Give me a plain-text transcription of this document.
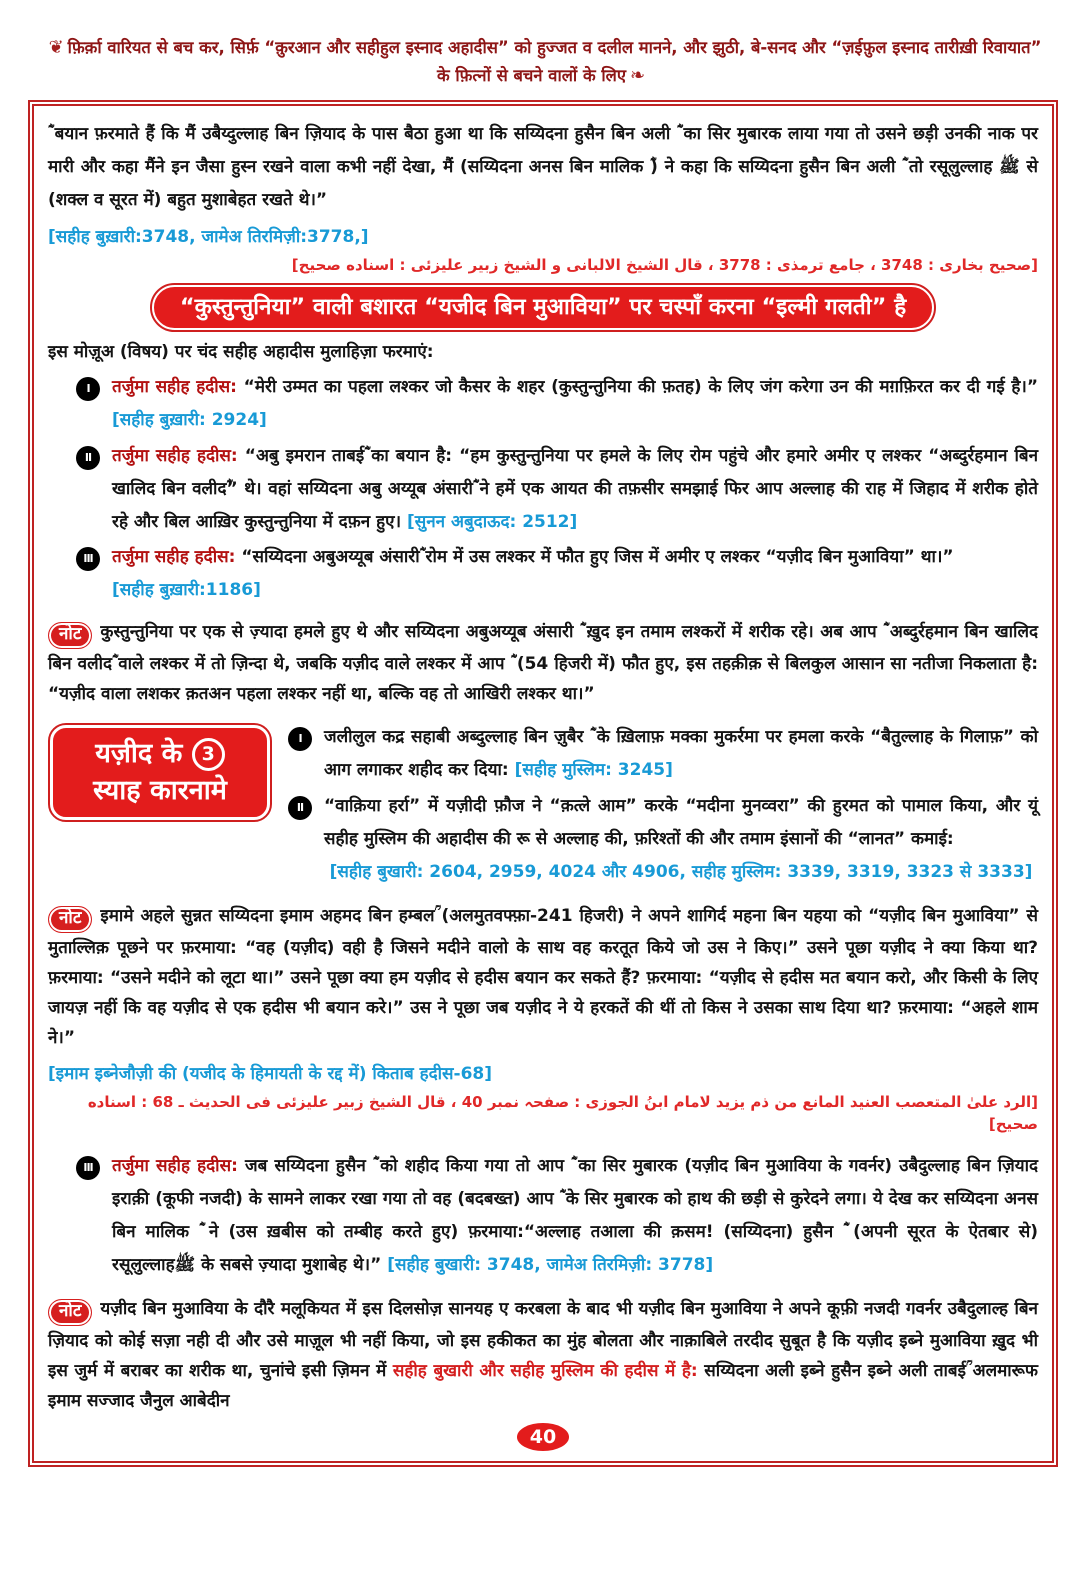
❦ फ़िर्क़ा वारियत से बच कर, सिर्फ़ “क़ुरआन और सहीहुल इस्नाद अहादीस” को हुज्जत व दलील मानने, और झुठी, बे-सनद और “ज़ईफ़ुल इस्नाद तारीख़ी रिवायात” के फ़ित्नों से बचने वालों के लिए ❧

ؓ बयान फ़रमाते हैं कि मैं उबैय्दुल्लाह बिन ज़ियाद के पास बैठा हुआ था कि सय्यिदना हुसैन बिन अली ؓ का सिर मुबारक लाया गया तो उसने छड़ी उनकी नाक पर मारी और कहा मैंने इन जैसा हुस्न रखने वाला कभी नहीं देखा, मैं (सय्यिदना अनस बिन मालिक ؓ) ने कहा कि सय्यिदना हुसैन बिन अली ؓ तो रसूलुल्लाह ﷺ से (शक्ल व सूरत में) बहुत मुशाबेहत रखते थे।”

[सहीह बुख़ारी:3748, जामेअ तिरमिज़ी:3778,]

[صحيح بخارى : 3748 ، جامع ترمذى : 3778 ، قال الشيخ الالبانى و الشيخ زبير عليزئى : اسناده صحيح]

“कुस्तुन्तुनिया” वाली बशारत “यजीद बिन मुआविया” पर चस्पाँ करना “इल्मी गलती” है

इस मोज़ूअ (विषय) पर चंद सहीह अहादीस मुलाहिज़ा फरमाएं:

I	तर्जुमा सहीह हदीस: “मेरी उम्मत का पहला लश्कर जो कैसर के शहर (कुस्तुन्तुनिया की फ़तह) के लिए जंग करेगा उन की मग़फ़िरत कर दी गई है।” [सहीह बुख़ारी: 2924]
II	तर्जुमा सहीह हदीस: “अबु इमरान ताबईؓ का बयान है: “हम कुस्तुन्तुनिया पर हमले के लिए रोम पहुंचे और हमारे अमीर ए लश्कर “अब्दुर्रहमान बिन खालिद बिन वलीदؓ” थे। वहां सय्यिदना अबु अय्यूब अंसारीؓ ने हमें एक आयत की तफ़सीर समझाई फिर आप अल्लाह की राह में जिहाद में शरीक होते रहे और बिल आख़िर कुस्तुन्तुनिया में दफ़न हुए। [सुनन अबुदाऊद: 2512]
III	तर्जुमा सहीह हदीस: “सय्यिदना अबुअय्यूब अंसारीؓ रोम में उस लश्कर में फौत हुए जिस में अमीर ए लश्कर “यज़ीद बिन मुआविया” था।”
[सहीह बुख़ारी:1186]

नोट कुस्तुन्तुनिया पर एक से ज़्यादा हमले हुए थे और सय्यिदना अबुअय्यूब अंसारी ؓ ख़ुद इन तमाम लश्करों में शरीक रहे। अब आप ؓ अब्दुर्रहमान बिन खालिद बिन वलीदؓ वाले लश्कर में तो ज़िन्दा थे, जबकि यज़ीद वाले लश्कर में आप ؓ (54 हिजरी में) फौत हुए, इस तहक़ीक़ से बिलकुल आसान सा नतीजा निकलाता है: “यज़ीद वाला लशकर क़तअन पहला लश्कर नहीं था, बल्कि वह तो आखिरी लश्कर था।”

यज़ीद के 3
स्याह कारनामे
I	जलीलुल कद्र सहाबी अब्दुल्लाह बिन ज़ुबैर ؓ के ख़िलाफ़ मक्का मुकर्रमा पर हमला करके “बैतुल्लाह के गिलाफ़” को आग लगाकर शहीद कर दिया: [सहीह मुस्लिम: 3245]
II	“वाक़िया हर्रा” में यज़ीदी फ़ौज ने “क़त्ले आम” करके “मदीना मुनव्वरा” की हुरमत को पामाल किया, और यूं सहीह मुस्लिम की अहादीस की रू से अल्लाह की, फ़रिश्तों की और तमाम इंसानों की “लानत” कमाई:
[सहीह बुखारी: 2604, 2959, 4024 और 4906, सहीह मुस्लिम: 3339, 3319, 3323 से 3333]

नोट इमामे अहले सुन्नत सय्यिदना इमाम अहमद बिन हम्बलؒ (अलमुतवफ्फ़ा-241 हिजरी) ने अपने शागिर्द महना बिन यहया को “यज़ीद बिन मुआविया” से मुताल्लिक़ पूछने पर फ़रमाया: “वह (यज़ीद) वही है जिसने मदीने वालो के साथ वह करतूत किये जो उस ने किए।” उसने पूछा यज़ीद ने क्या किया था? फ़रमाया: “उसने मदीने को लूटा था।” उसने पूछा क्या हम यज़ीद से हदीस बयान कर सकते हैं? फ़रमाया: “यज़ीद से हदीस मत बयान करो, और किसी के लिए जायज़ नहीं कि वह यज़ीद से एक हदीस भी बयान करे।” उस ने पूछा जब यज़ीद ने ये हरकतें की थीं तो किस ने उसका साथ दिया था? फ़रमाया: “अहले शाम ने।”

[इमाम इब्नेजौज़ी की (यजीद के हिमायती के रद्द में) किताब हदीस-68]

[الرد علىٰ المتعصب العنيد المانع من ذم يزيد لامام ابنُ الجوزى : صفحہ نمبر 40 ، قال الشيخ زبير عليزئى فى الحديث ـ 68 : اسناده صحيح]

III	तर्जुमा सहीह हदीस: जब सय्यिदना हुसैन ؓ को शहीद किया गया तो आप ؓ का सिर मुबारक (यज़ीद बिन मुआविया के गवर्नर) उबैदुल्लाह बिन ज़ियाद इराक़ी (कूफी नजदी) के सामने लाकर रखा गया तो वह (बदबख्त) आप ؓ के सिर मुबारक को हाथ की छड़ी से कुरेदने लगा। ये देख कर सय्यिदना अनस बिन मालिक ؓ ने (उस ख़बीस को तम्बीह करते हुए) फ़रमाया:“अल्लाह तआला की क़सम! (सय्यिदना) हुसैन ؓ (अपनी सूरत के ऐतबार से) रसूलुल्लाहﷺ के सबसे ज़्यादा मुशाबेह थे।” [सहीह बुखारी: 3748, जामेअ तिरमिज़ी: 3778]

नोट यज़ीद बिन मुआविया के दौरै मलूकियत में इस दिलसोज़ सानयह ए करबला के बाद भी यज़ीद बिन मुआविया ने अपने कूफ़ी नजदी गवर्नर उबैदुलाल्ह बिन ज़ियाद को कोई सज़ा नही दी और उसे माज़ूल भी नहीं किया, जो इस हकीकत का मुंह बोलता और नाक़ाबिले तरदीद सुबूत है कि यज़ीद इब्ने मुआविया ख़ुद भी इस जुर्म में बराबर का शरीक था, चुनांचे इसी ज़िमन में सहीह बुखारी और सहीह मुस्लिम की हदीस में है: सय्यिदना अली इब्ने हुसैन इब्ने अली ताबईؒ अलमारूफ इमाम सज्जाद जैनुल आबेदीन

40
